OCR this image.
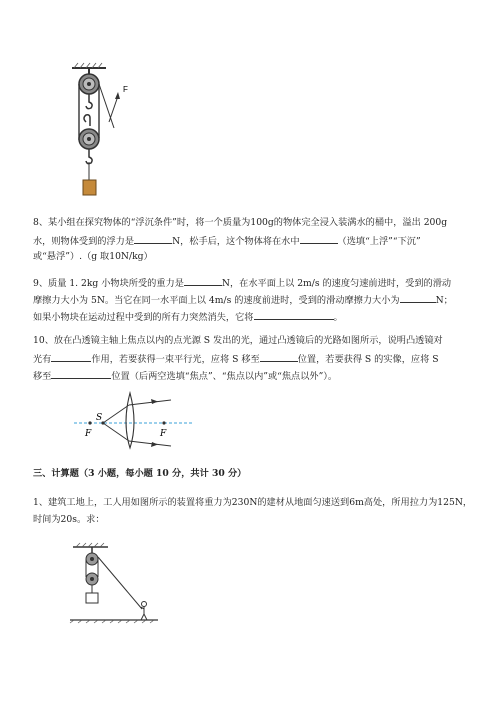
F
8、某小组在探究物体的“浮沉条件”时，将一个质量为100g的物体完全浸入装满水的桶中，溢出 200g
水，则物体受到的浮力是	N，松手后，这个物体将在水中	（选填“上浮”“下沉”
或“悬浮”）.（g 取10N/kg）
9、质量 1. 2kg 小物块所受的重力是	N，在水平面上以 2m/s 的速度匀速前进时，受到的滑动
摩擦力大小为 5N。当它在同一水平面上以 4m/s 的速度前进时，受到的滑动摩擦力大小为	N；
如果小物块在运动过程中受到的所有力突然消失，它将	。
10、放在凸透镜主轴上焦点以内的点光源 S 发出的光，通过凸透镜后的光路如图所示，说明凸透镜对
光有	作用，若要获得一束平行光，应将 S 移至	位置，若要获得 S 的实像，应将 S
移至	位置（后两空选填“焦点”、“焦点以内”或“焦点以外”）。
S
F	F
三、计算题（3 小题，每小题 10 分，共计 30 分）
1、建筑工地上，工人用如图所示的装置将重力为230N的建材从地面匀速送到6m高处，所用拉力为125N，
时间为20s。求：
